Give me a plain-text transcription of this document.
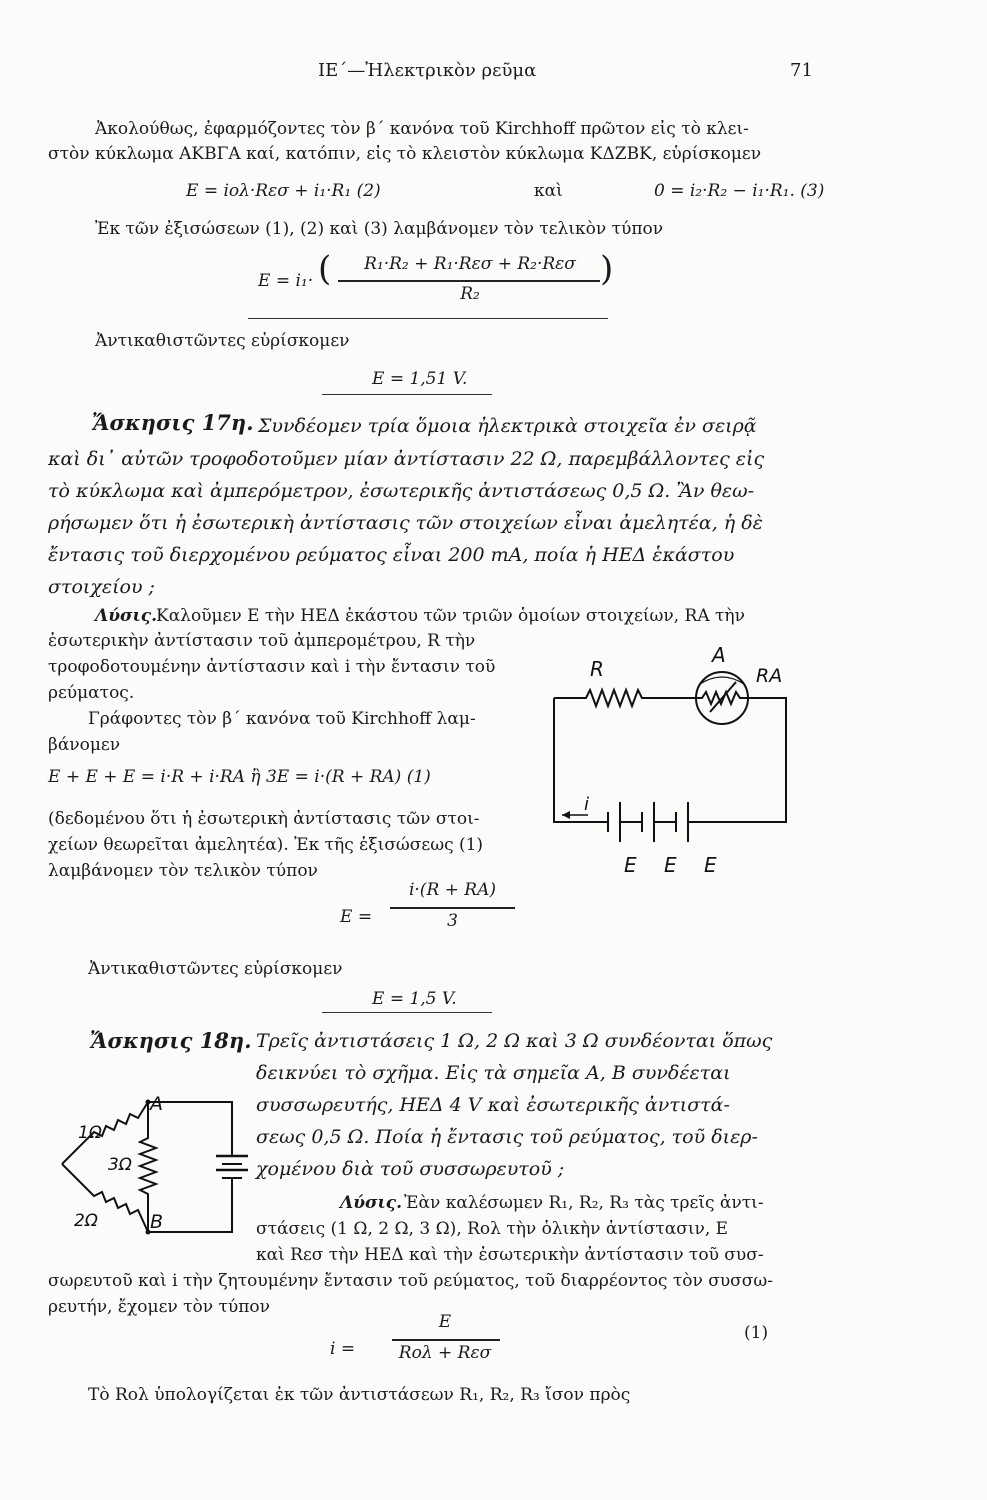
ΙΕ΄—Ἠλεκτρικὸν ρεῦμα	71
Ἀκολούθως, ἐφαρμόζοντες τὸν β΄ κανόνα τοῦ Kirchhoff πρῶτον εἰς τὸ κλει-
στὸν κύκλωμα ΑΚΒΓΑ καί, κατόπιν, εἰς τὸ κλειστὸν κύκλωμα ΚΔΖΒΚ, εὑρίσκομεν
E = iολ·Rεσ + i₁·R₁ (2)	καὶ	0 = i₂·R₂ − i₁·R₁. (3)
Ἐκ τῶν ἐξισώσεων (1), (2) καὶ (3) λαμβάνομεν τὸν τελικὸν τύπον
E = i₁· (	R₁·R₂ + R₁·Rεσ + R₂·Rεσ
R₂
)
Ἀντικαθιστῶντες εὑρίσκομεν
E = 1,51 V.
Ἄσκησις 17η. Συνδέομεν τρία ὅμοια ἠλεκτρικὰ στοιχεῖα ἐν σειρᾷ
καὶ δι᾽ αὐτῶν τροφοδοτοῦμεν μίαν ἀντίστασιν 22 Ω, παρεμβάλλοντες εἰς
τὸ κύκλωμα καὶ ἀμπερόμετρον, ἐσωτερικῆς ἀντιστάσεως 0,5 Ω. Ἂν θεω-
ρήσωμεν ὅτι ἡ ἐσωτερικὴ ἀντίστασις τῶν στοιχείων εἶναι ἀμελητέα, ἡ δὲ
ἔντασις τοῦ διερχομένου ρεύματος εἶναι 200 mA, ποία ἡ ΗΕΔ ἑκάστου
στοιχείου ;
Λύσις.
Καλοῦμεν E τὴν ΗΕΔ ἑκάστου τῶν τριῶν ὁμοίων στοιχείων, RA τὴν
ἐσωτερικὴν ἀντίστασιν τοῦ ἀμπερομέτρου, R τὴν
τροφοδοτουμένην ἀντίστασιν καὶ i τὴν ἔντασιν τοῦ
ρεύματος.
Γράφοντες τὸν β΄ κανόνα τοῦ Kirchhoff λαμ-
βάνομεν
E + E + E = i·R + i·RA ἢ 3E = i·(R + RA) (1)
(δεδομένου ὅτι ἡ ἐσωτερικὴ ἀντίστασις τῶν στοι-
χείων θεωρεῖται ἀμελητέα). Ἐκ τῆς ἐξισώσεως (1)
λαμβάνομεν τὸν τελικὸν τύπον
E =
i·(R + RA)
3
Ἀντικαθιστῶντες εὑρίσκομεν
E = 1,5 V.
R
A
RA
i
E E E
Ἄσκησις 18η. Τρεῖς ἀντιστάσεις 1 Ω, 2 Ω καὶ 3 Ω συνδέονται ὅπως
δεικνύει τὸ σχῆμα. Εἰς τὰ σημεῖα Α, Β συνδέεται
συσσωρευτής, ΗΕΔ 4 V καὶ ἐσωτερικῆς ἀντιστά-
σεως 0,5 Ω. Ποία ἡ ἔντασις τοῦ ρεύματος, τοῦ διερ-
χομένου διὰ τοῦ συσσωρευτοῦ ;
Λύσις. Ἐὰν καλέσωμεν R₁, R₂, R₃ τὰς τρεῖς ἀντι-
στάσεις (1 Ω, 2 Ω, 3 Ω), Rολ τὴν ὁλικὴν ἀντίστασιν, E
καὶ Rεσ τὴν ΗΕΔ καὶ τὴν ἐσωτερικὴν ἀντίστασιν τοῦ συσ-
σωρευτοῦ καὶ i τὴν ζητουμένην ἔντασιν τοῦ ρεύματος, τοῦ διαρρέοντος τὸν συσσω-
ρευτήν, ἔχομεν τὸν τύπον
i =
E
Rολ + Rεσ
(1)
Τὸ Rολ ὑπολογίζεται ἐκ τῶν ἀντιστάσεων R₁, R₂, R₃ ἴσον πρὸς
A
B
1Ω
2Ω
3Ω
